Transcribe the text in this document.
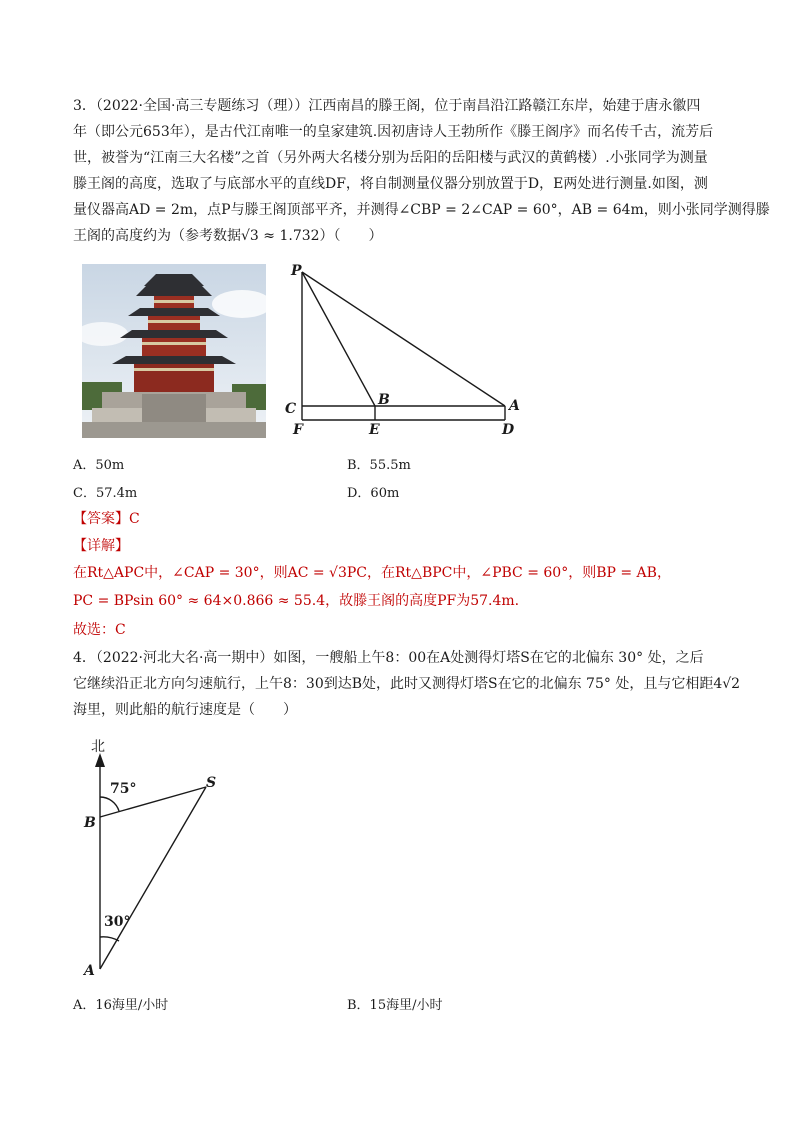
3．（2022·全国·高三专题练习（理））江西南昌的滕王阁，位于南昌沿江路赣江东岸，始建于唐永徽四
年（即公元653年），是古代江南唯一的皇家建筑.因初唐诗人王勃所作《滕王阁序》而名传千古，流芳后
世，被誉为“江南三大名楼”之首（另外两大名楼分别为岳阳的岳阳楼与武汉的黄鹤楼）.小张同学为测量
滕王阁的高度，选取了与底部水平的直线DF，将自制测量仪器分别放置于D，E两处进行测量.如图，测
量仪器高AD = 2m，点P与滕王阁顶部平齐，并测得∠CBP = 2∠CAP = 60°，AB = 64m，则小张同学测得滕
王阁的高度约为（参考数据√3 ≈ 1.732）（　　）
P
B	A
C
F	E	D
A．50m	B．55.5m
C．57.4m	D．60m
【答案】C
【详解】
在Rt△APC中，∠CAP = 30°，则AC = √3PC，在Rt△BPC中，∠PBC = 60°，则BP = AB，
PC = BPsin 60° ≈ 64×0.866 ≈ 55.4，故滕王阁的高度PF为57.4m.
故选：C
4．（2022·河北大名·高一期中）如图，一艘船上午8：00在A处测得灯塔S在它的北偏东 30° 处，之后
它继续沿正北方向匀速航行，上午8：30到达B处，此时又测得灯塔S在它的北偏东 75° 处，且与它相距4√2
海里，则此船的航行速度是（　　）
北
75°
30°
S
B
A
A．16海里/小时	B．15海里/小时
